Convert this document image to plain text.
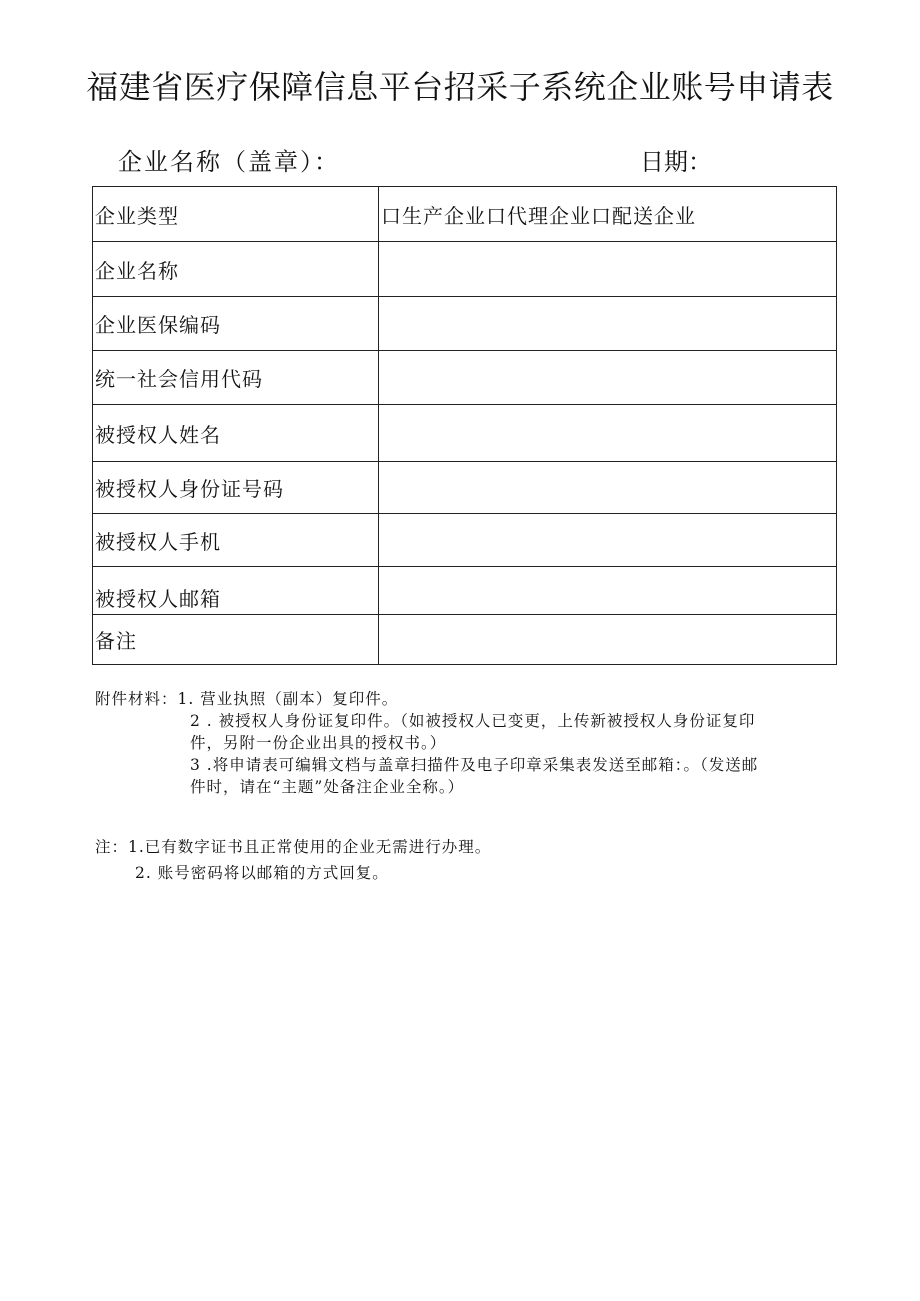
福建省医疗保障信息平台招采子系统企业账号申请表
企业名称（盖章）：	日期：
企业类型	口生产企业口代理企业口配送企业
企业名称	
企业医保编码	
统一社会信用代码	
被授权人姓名	
被授权人身份证号码	
被授权人手机	
被授权人邮箱	
备注	
附件材料：1. 营业执照（副本）复印件。
2 . 被授权人身份证复印件。（如被授权人已变更，上传新被授权人身份证复印
件，另附一份企业出具的授权书。）
3 .将申请表可编辑文档与盖章扫描件及电子印章采集表发送至邮箱：。（发送邮
件时，请在“主题”处备注企业全称。）
注：1.已有数字证书且正常使用的企业无需进行办理。
2. 账号密码将以邮箱的方式回复。
